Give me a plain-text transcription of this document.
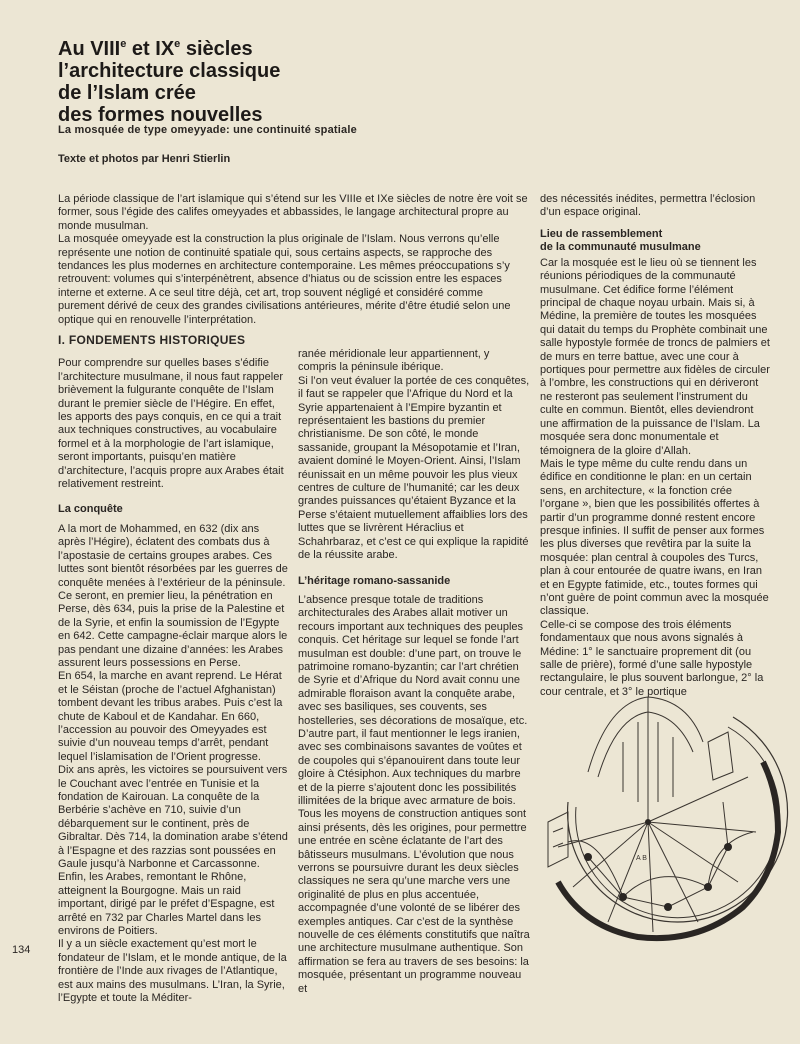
Au VIIIe et IXe siècles
l’architecture classique
de l’Islam crée
des formes nouvelles
La mosquée de type omeyyade: une continuité spatiale
Texte et photos par Henri Stierlin

La période classique de l’art islamique qui s’étend sur les VIIIe et IXe siècles de notre ère voit se former, sous l’égide des califes omeyyades et abbassides, le langage architectural propre au monde musulman.

La mosquée omeyyade est la construction la plus originale de l’Islam. Nous verrons qu’elle représente une notion de continuité spatiale qui, sous certains aspects, se rapproche des tendances les plus modernes en architecture contemporaine. Les mêmes préoccupations s’y retrouvent: volumes qui s’interpénètrent, absence d’hiatus ou de scission entre les espaces interne et externe. A ce seul titre déjà, cet art, trop souvent négligé et considéré comme purement dérivé de ceux des grandes civilisations antérieures, mérite d’être étudié selon une optique qui en renouvelle l’interprétation.

I. FONDEMENTS HISTORIQUES

Pour comprendre sur quelles bases s’édifie l’architecture musulmane, il nous faut rappeler brièvement la fulgurante conquête de l’Islam durant le premier siècle de l’Hégire. En effet, les apports des pays conquis, en ce qui a trait aux techniques constructives, au vocabulaire formel et à la morphologie de l’art islamique, seront importants, puisqu’en matière d’architecture, l’acquis propre aux Arabes était relativement restreint.

La conquête

A la mort de Mohammed, en 632 (dix ans après l’Hégire), éclatent des combats dus à l’apostasie de certains groupes arabes. Ces luttes sont bientôt résorbées par les guerres de conquête menées à l’extérieur de la péninsule. Ce seront, en premier lieu, la pénétration en Perse, dès 634, puis la prise de la Palestine et de la Syrie, et enfin la soumission de l’Egypte en 642. Cette campagne-éclair marque alors le pas pendant une dizaine d’années: les Arabes assurent leurs possessions en Perse.

En 654, la marche en avant reprend. Le Hérat et le Séistan (proche de l’actuel Afghanistan) tombent devant les tribus arabes. Puis c’est la chute de Kaboul et de Kandahar. En 660, l’accession au pouvoir des Omeyyades est suivie d’un nouveau temps d’arrêt, pendant lequel l’islamisation de l’Orient progresse.

Dix ans après, les victoires se poursuivent vers le Couchant avec l’entrée en Tunisie et la fondation de Kairouan. La conquête de la Berbérie s’achève en 710, suivie d’un débarquement sur le continent, près de Gibraltar. Dès 714, la domination arabe s’étend à l’Espagne et des razzias sont poussées en Gaule jusqu’à Narbonne et Carcassonne. Enfin, les Arabes, remontant le Rhône, atteignent la Bourgogne. Mais un raid important, dirigé par le préfet d’Espagne, est arrêté en 732 par Charles Martel dans les environs de Poitiers.

Il y a un siècle exactement qu’est mort le fondateur de l’Islam, et le monde antique, de la frontière de l’Inde aux rivages de l’Atlantique, est aux mains des musulmans. L’Iran, la Syrie, l’Egypte et toute la Méditer-

ranée méridionale leur appartiennent, y compris la péninsule ibérique.

Si l’on veut évaluer la portée de ces conquêtes, il faut se rappeler que l’Afrique du Nord et la Syrie appartenaient à l’Empire byzantin et représentaient les bastions du premier christianisme. De son côté, le monde sassanide, groupant la Mésopotamie et l’Iran, avaient dominé le Moyen-Orient. Ainsi, l’Islam réunissait en un même pouvoir les plus vieux centres de culture de l’humanité; car les deux grandes puissances qu’étaient Byzance et la Perse s’étaient mutuellement affaiblies lors des luttes que se livrèrent Héraclius et Schahrbaraz, et c’est ce qui explique la rapidité de la réussite arabe.

L’héritage romano-sassanide

L’absence presque totale de traditions architecturales des Arabes allait motiver un recours important aux techniques des peuples conquis. Cet héritage sur lequel se fonde l’art musulman est double: d’une part, on trouve le patrimoine romano-byzantin; car l’art chrétien de Syrie et d’Afrique du Nord avait connu une admirable floraison avant la conquête arabe, avec ses basiliques, ses couvents, ses hostelleries, ses décorations de mosaïque, etc.

D’autre part, il faut mentionner le legs iranien, avec ses combinaisons savantes de voûtes et de coupoles qui s’épanouirent dans toute leur gloire à Ctésiphon. Aux techniques du marbre et de la pierre s’ajoutent donc les possibilités illimitées de la brique avec armature de bois.

Tous les moyens de construction antiques sont ainsi présents, dès les origines, pour permettre une entrée en scène éclatante de l’art des bâtisseurs musulmans. L’évolution que nous verrons se poursuivre durant les deux siècles classiques ne sera qu’une marche vers une originalité de plus en plus accentuée, accompagnée d’une volonté de se libérer des exemples antiques. Car c’est de la synthèse nouvelle de ces éléments constitutifs que naîtra une architecture musulmane authentique. Son affirmation se fera au travers de ses besoins: la mosquée, présentant un programme nouveau et

des nécessités inédites, permettra l’éclosion d’un espace original.

Lieu de rassemblement
de la communauté musulmane

Car la mosquée est le lieu où se tiennent les réunions périodiques de la communauté musulmane. Cet édifice forme l’élément principal de chaque noyau urbain. Mais si, à Médine, la première de toutes les mosquées qui datait du temps du Prophète combinait une salle hypostyle formée de troncs de palmiers et de murs en terre battue, avec une cour à portiques pour permettre aux fidèles de circuler à l’ombre, les constructions qui en dériveront ne resteront pas seulement l’instrument du culte en commun. Bientôt, elles deviendront une affirmation de la puissance de l’Islam. La mosquée sera donc monumentale et témoignera de la gloire d’Allah.

Mais le type même du culte rendu dans un édifice en conditionne le plan: en un certain sens, en architecture, « la fonction crée l’organe », bien que les possibilités offertes à partir d’un programme donné restent encore presque infinies. Il suffit de penser aux formes les plus diverses que revêtira par la suite la mosquée: plan central à coupoles des Turcs, plan à cour entourée de quatre iwans, en Iran et en Egypte fatimide, etc., toutes formes qui n’ont guère de point commun avec la mosquée classique.

Celle-ci se compose des trois éléments fondamentaux que nous avons signalés à Médine: 1° le sanctuaire proprement dit (ou salle de prière), formé d’une salle hypostyle rectangulaire, le plus souvent barlongue, 2° la cour centrale, et 3° le portique

A B
134
